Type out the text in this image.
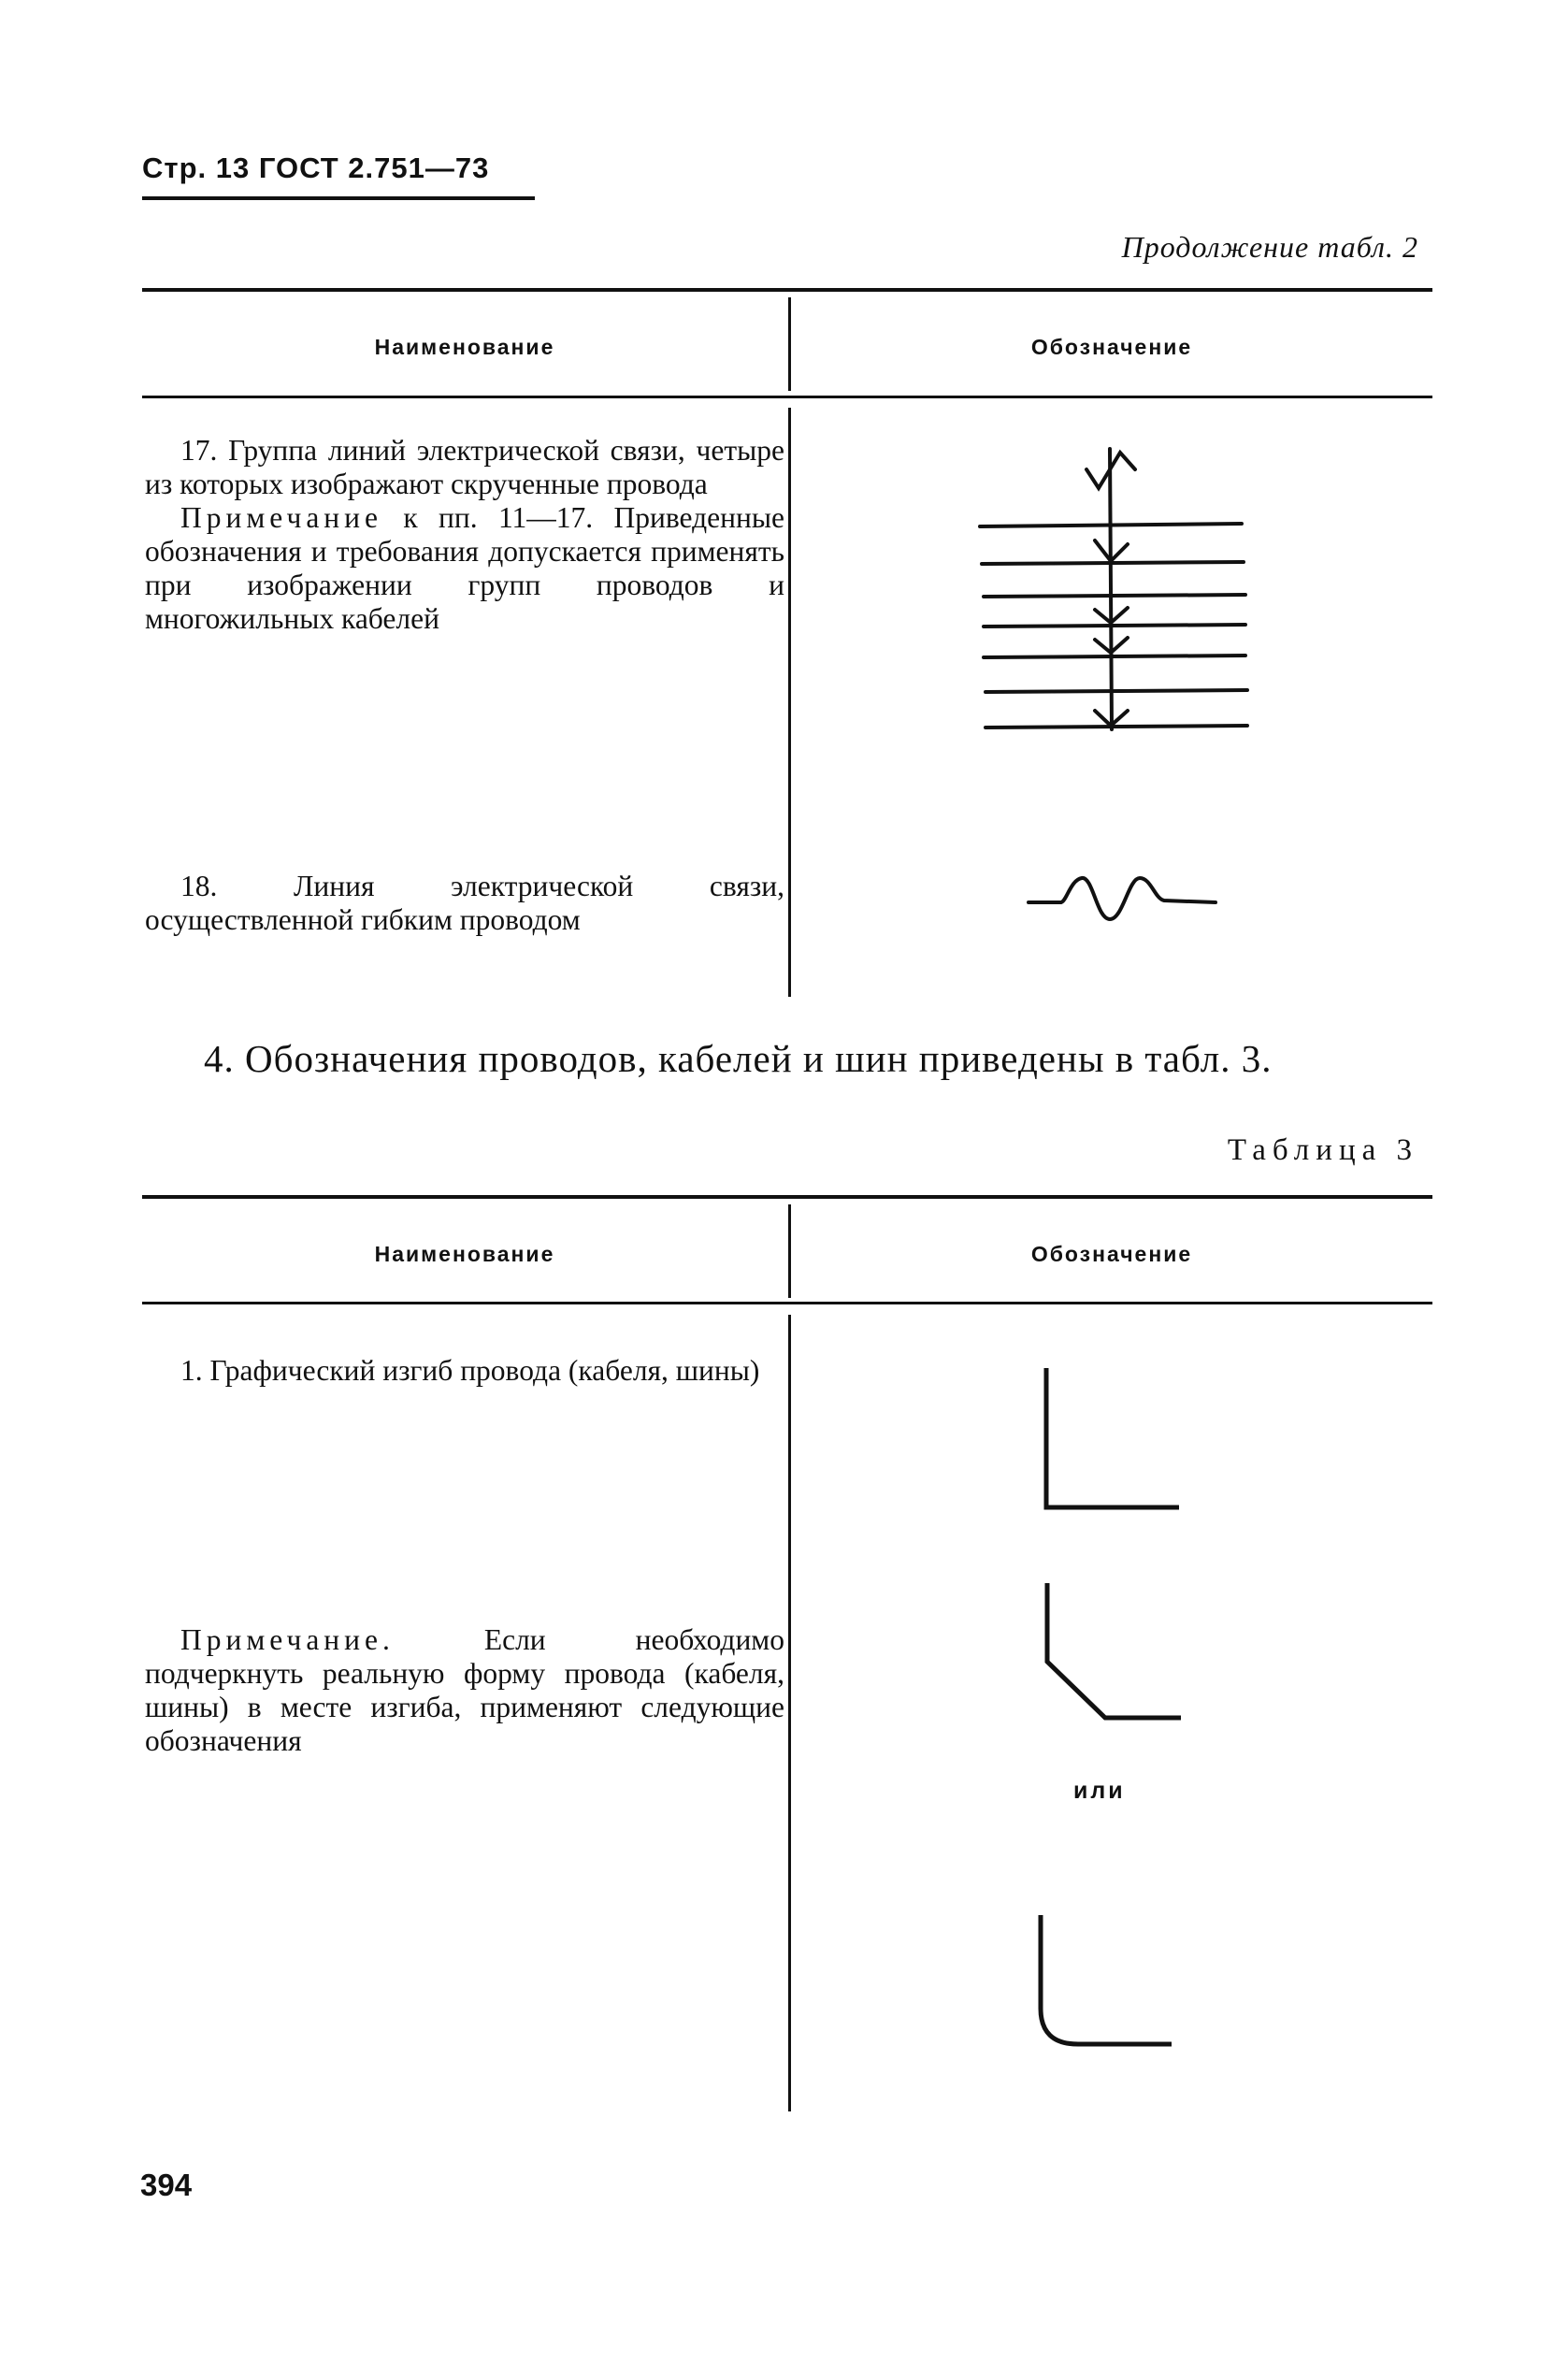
Стр. 13 ГОСТ 2.751—73
Продолжение табл. 2
Наименование	Обозначение

17. Группа линий электрической связи, четыре из которых изображают скрученные провода

Примечание к пп. 11—17. Приведенные обозначения и требования допускается применять при изображении групп проводов и многожильных кабелей

18. Линия электрической связи, осуществленной гибким проводом

4. Обозначения проводов, кабелей и шин приведены в табл. 3.
Таблица 3
Наименование	Обозначение

1. Графический изгиб провода (кабеля, шины)

Примечание. Если необходимо подчеркнуть реальную форму провода (кабеля, шины) в месте изгиба, применяют следующие обозначения

или
394
